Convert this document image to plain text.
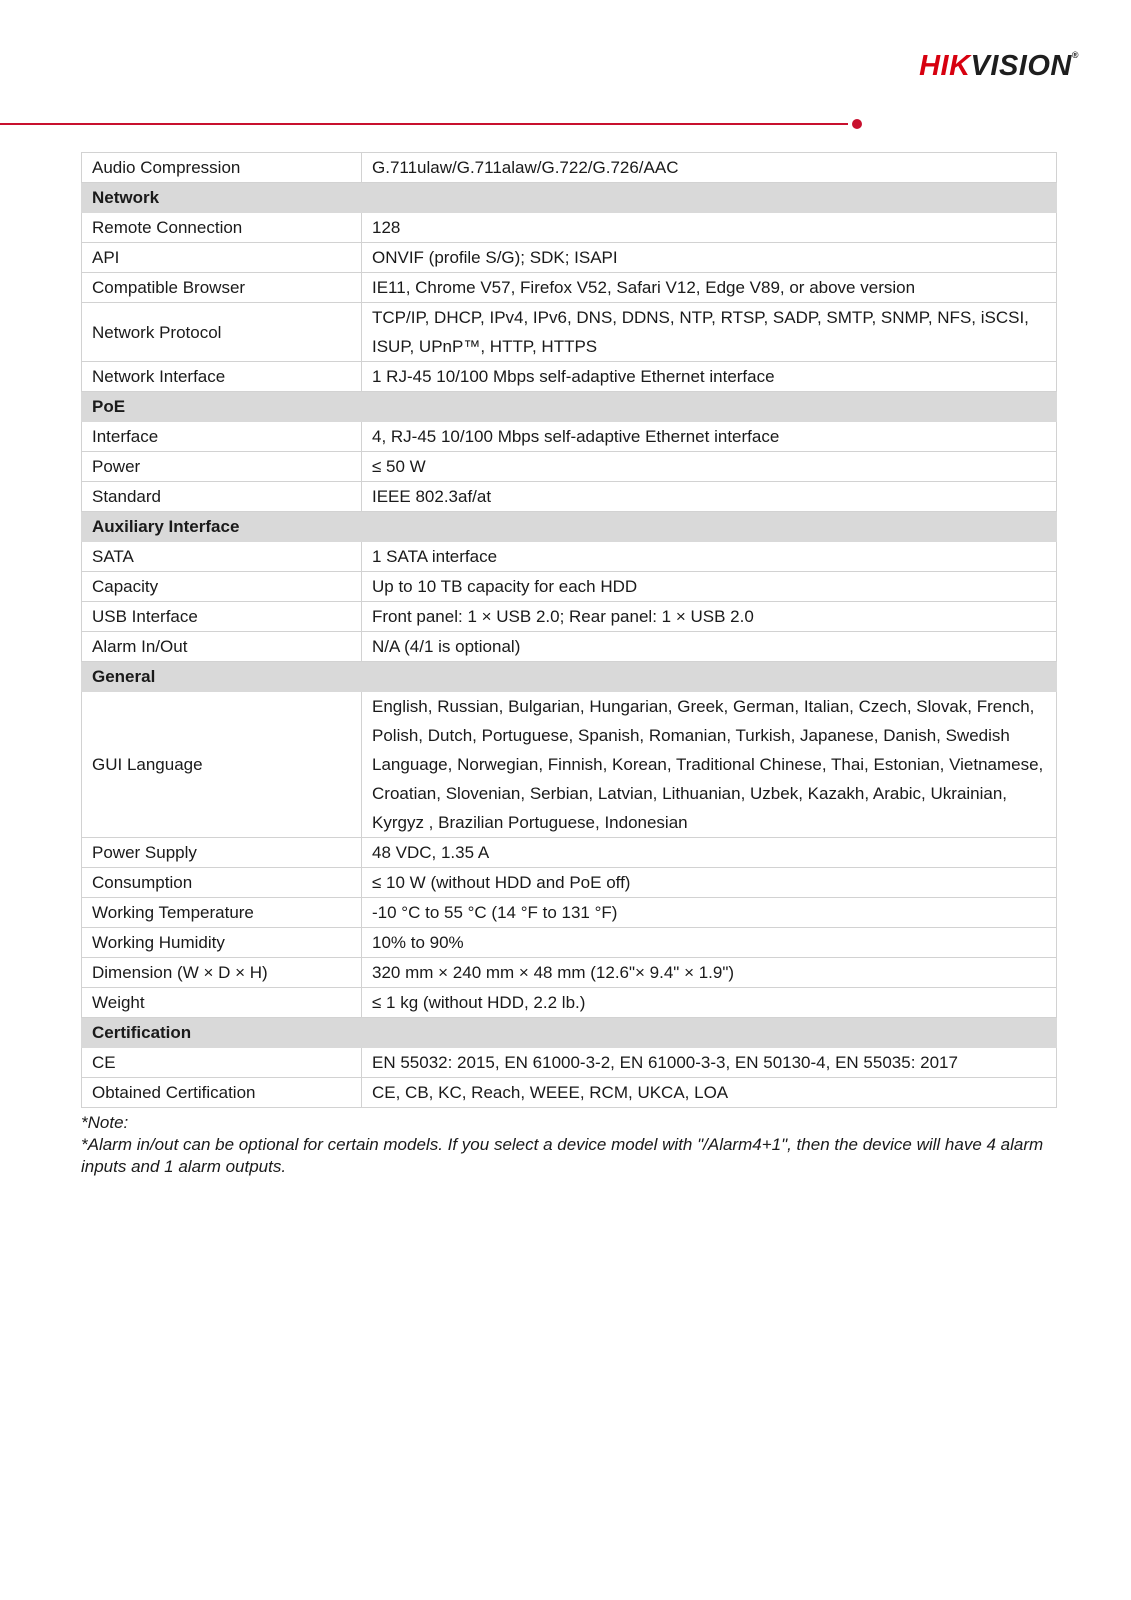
HIKVISION®
Audio Compression	G.711ulaw/G.711alaw/G.722/G.726/AAC
Network	
Remote Connection	128
API	ONVIF (profile S/G); SDK; ISAPI
Compatible Browser	IE11, Chrome V57, Firefox V52, Safari V12, Edge V89, or above version
Network Protocol	TCP/IP, DHCP, IPv4, IPv6, DNS, DDNS, NTP, RTSP, SADP, SMTP, SNMP, NFS, iSCSI, ISUP, UPnP™, HTTP, HTTPS
Network Interface	1 RJ-45 10/100 Mbps self-adaptive Ethernet interface
PoE	
Interface	4, RJ-45 10/100 Mbps self-adaptive Ethernet interface
Power	≤ 50 W
Standard	IEEE 802.3af/at
Auxiliary Interface	
SATA	1 SATA interface
Capacity	Up to 10 TB capacity for each HDD
USB Interface	Front panel: 1 × USB 2.0; Rear panel: 1 × USB 2.0
Alarm In/Out	N/A (4/1 is optional)
General	
GUI Language	English, Russian, Bulgarian, Hungarian, Greek, German, Italian, Czech, Slovak, French, Polish, Dutch, Portuguese, Spanish, Romanian, Turkish, Japanese, Danish, Swedish Language, Norwegian, Finnish, Korean, Traditional Chinese, Thai, Estonian, Vietnamese, Croatian, Slovenian, Serbian, Latvian, Lithuanian, Uzbek, Kazakh, Arabic, Ukrainian, Kyrgyz , Brazilian Portuguese, Indonesian
Power Supply	48 VDC, 1.35 A
Consumption	≤ 10 W (without HDD and PoE off)
Working Temperature	-10 °C to 55 °C (14 °F to 131 °F)
Working Humidity	10% to 90%
Dimension (W × D × H)	320 mm × 240 mm × 48 mm (12.6"× 9.4" × 1.9")
Weight	≤ 1 kg (without HDD, 2.2 lb.)
Certification	
CE	EN 55032: 2015, EN 61000-3-2, EN 61000-3-3, EN 50130-4, EN 55035: 2017
Obtained Certification	CE, CB, KC, Reach, WEEE, RCM, UKCA, LOA
*Note:
*Alarm in/out can be optional for certain models. If you select a device model with "/Alarm4+1", then the device will have 4 alarm inputs and 1 alarm outputs.
